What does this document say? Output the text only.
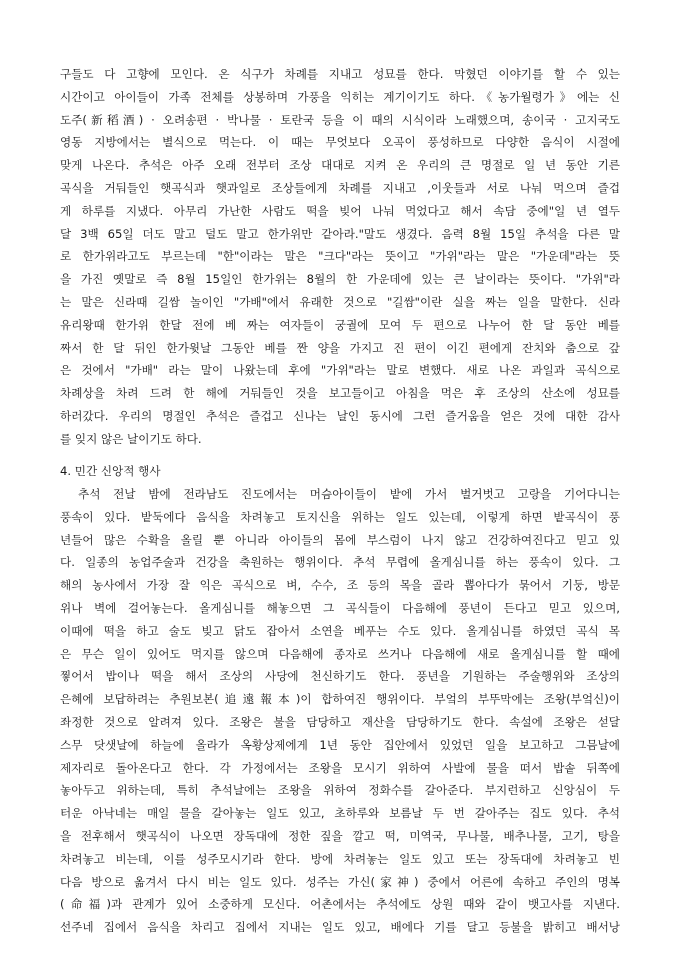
구들도 다 고향에 모인다. 온 식구가 차례를 지내고 성묘를 한다. 막혔던 이야기를 할 수 있는
시간이고 아이들이 가족 전체를 상봉하며 가풍을 익히는 계기이기도 하다.《농가월령가》에는 신
도주(新稻酒) · 오려송편 · 박나물 · 토란국 등을 이 때의 시식이라 노래했으며, 송이국 · 고지국도
영동 지방에서는 별식으로 먹는다. 이 때는 무엇보다 오곡이 풍성하므로 다양한 음식이 시절에
맞게 나온다. 추석은 아주 오래 전부터 조상 대대로 지켜 온 우리의 큰 명절로 일 년 동안 기른
곡식을 거둬들인 햇곡식과 햇과일로 조상들에게 차례를 지내고 ,이웃들과 서로 나눠 먹으며 즐겁
게 하루를 지냈다. 아무리 가난한 사람도 떡을 빚어 나눠 먹었다고 해서 속담 중에"일 년 열두
달 3백 65일 더도 말고 덜도 말고 한가위만 같아라."말도 생겼다. 음력 8월 15일 추석을 다른 말
로 한가위라고도 부르는데 "한"이라는 말은 "크다"라는 뜻이고 "가위"라는 말은 "가운데"라는 뜻
을 가진 옛말로 즉 8월 15일인 한가위는 8월의 한 가운데에 있는 큰 날이라는 뜻이다. "가위"라
는 말은 신라때 길쌈 놀이인 "가배"에서 유래한 것으로 "길쌈"이란 실을 짜는 일을 말한다. 신라
유리왕때 한가위 한달 전에 베 짜는 여자들이 궁궐에 모여 두 편으로 나누어 한 달 동안 베를
짜서 한 달 뒤인 한가윗날 그동안 베를 짠 양을 가지고 진 편이 이긴 편에게 잔치와 춤으로 갚
은 것에서 "가배" 라는 말이 나왔는데 후에 "가위"라는 말로 변했다. 새로 나온 과일과 곡식으로
차례상을 차려 드려 한 해에 거둬들인 것을 보고들이고 아침을 먹은 후 조상의 산소에 성묘를
하러갔다. 우리의 명절인 추석은 즐겁고 신나는 날인 동시에 그런 즐거움을 얻은 것에 대한 감사
를 잊지 않은 날이기도 하다.
4. 민간 신앙적 행사
추석 전날 밤에 전라남도 진도에서는 머슴아이들이 밭에 가서 벌거벗고 고랑을 기어다니는
풍속이 있다. 밭둑에다 음식을 차려놓고 토지신을 위하는 일도 있는데, 이렇게 하면 밭곡식이 풍
년들어 많은 수확을 올릴 뿐 아니라 아이들의 몸에 부스럼이 나지 않고 건강하여진다고 믿고 있
다. 일종의 농업주술과 건강을 축원하는 행위이다. 추석 무렵에 올게심니를 하는 풍속이 있다. 그
해의 농사에서 가장 잘 익은 곡식으로 벼, 수수, 조 등의 목을 골라 뽑아다가 묶어서 기둥, 방문
위나 벽에 걸어놓는다. 올게심니를 해놓으면 그 곡식들이 다음해에 풍년이 든다고 믿고 있으며,
이때에 떡을 하고 술도 빚고 닭도 잡아서 소연을 베푸는 수도 있다. 올게심니를 하였던 곡식 목
은 무슨 일이 있어도 먹지를 않으며 다음해에 종자로 쓰거나 다음해에 새로 올게심니를 할 때에
찧어서 밥이나 떡을 해서 조상의 사당에 천신하기도 한다. 풍년을 기원하는 주술행위와 조상의
은혜에 보답하려는 추원보본(追遠報本)이 합하여진 행위이다. 부엌의 부뚜막에는 조왕(부엌신)이
좌정한 것으로 알려져 있다. 조왕은 불을 담당하고 재산을 담당하기도 한다. 속설에 조왕은 섣달
스무 닷샛날에 하늘에 올라가 옥황상제에게 1년 동안 집안에서 있었던 일을 보고하고 그믐날에
제자리로 돌아온다고 한다. 각 가정에서는 조왕을 모시기 위하여 사발에 물을 떠서 밥솥 뒤쪽에
놓아두고 위하는데, 특히 추석날에는 조왕을 위하여 정화수를 갈아준다. 부지런하고 신앙심이 두
터운 아낙네는 매일 물을 갈아놓는 일도 있고, 초하루와 보름날 두 번 갈아주는 집도 있다. 추석
을 전후해서 햇곡식이 나오면 장독대에 정한 짚을 깔고 떡, 미역국, 무나물, 배추나물, 고기, 탕을
차려놓고 비는데, 이를 성주모시기라 한다. 방에 차려놓는 일도 있고 또는 장독대에 차려놓고 빈
다음 방으로 옮겨서 다시 비는 일도 있다. 성주는 가신(家神) 중에서 어른에 속하고 주인의 명복
(命福)과 관계가 있어 소중하게 모신다. 어촌에서는 추석에도 상원 때와 같이 뱃고사를 지낸다.
선주네 집에서 음식을 차리고 집에서 지내는 일도 있고, 배에다 기를 달고 등불을 밝히고 배서낭
